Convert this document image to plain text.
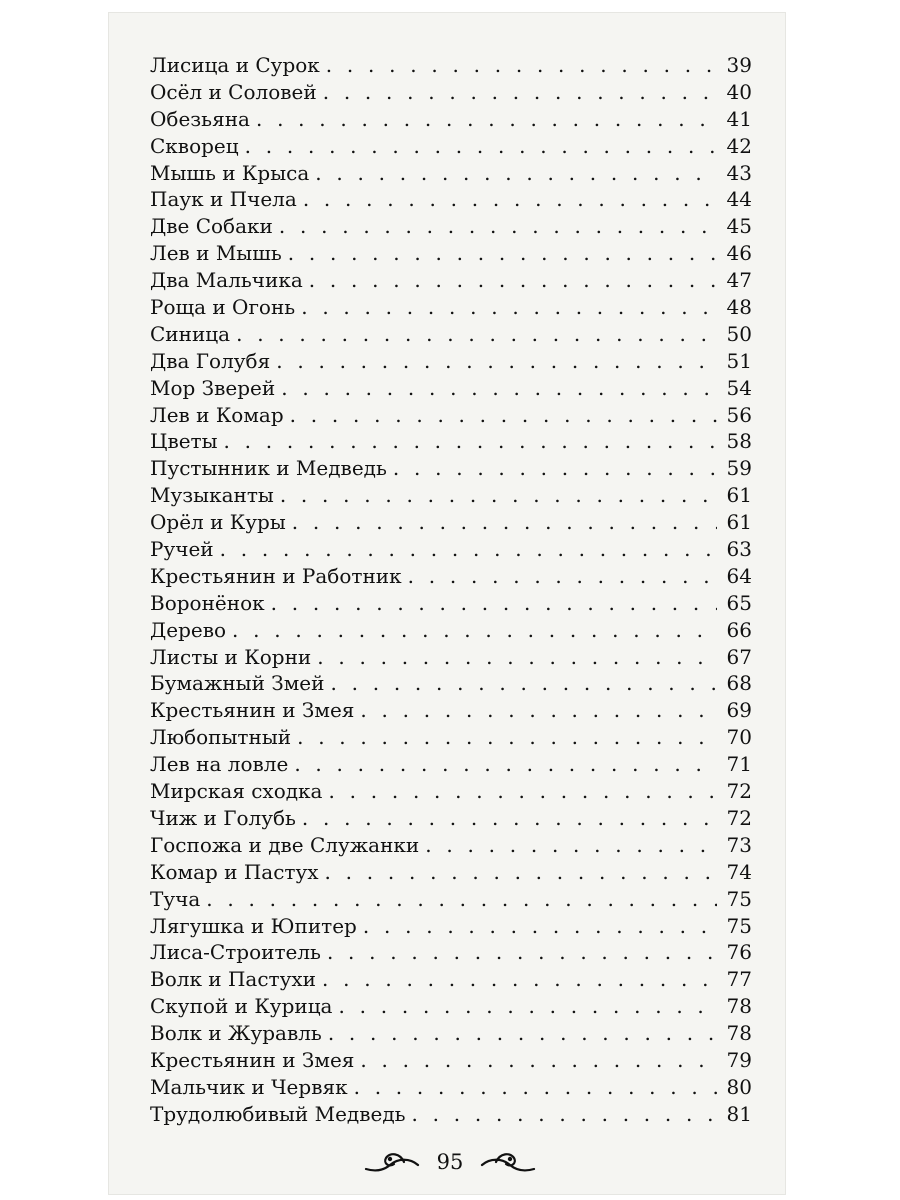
Лисица и Сурок . . .	39
Осёл и Соловей . . .	40
Обезьяна . . .	41
Скворец . . .	42
Мышь и Крыса . . .	43
Паук и Пчела . . .	44
Две Собаки . . .	45
Лев и Мышь . . .	46
Два Мальчика . . .	47
Роща и Огонь . . .	48
Синица . . .	50
Два Голубя . . .	51
Мор Зверей . . .	54
Лев и Комар . . .	56
Цветы . . .	58
Пустынник и Медведь . . .	59
Музыканты . . .	61
Орёл и Куры . . .	61
Ручей . . .	63
Крестьянин и Работник . . .	64
Воронёнок . . .	65
Дерево . . .	66
Листы и Корни . . .	67
Бумажный Змей . . .	68
Крестьянин и Змея . . .	69
Любопытный . . .	70
Лев на ловле . . .	71
Мирская сходка . . .	72
Чиж и Голубь . . .	72
Госпожа и две Служанки . . .	73
Комар и Пастух . . .	74
Туча . . .	75
Лягушка и Юпитер . . .	75
Лиса-Строитель . . .	76
Волк и Пастухи . . .	77
Скупой и Курица . . .	78
Волк и Журавль . . .	78
Крестьянин и Змея . . .	79
Мальчик и Червяк . . .	80
Трудолюбивый Медведь . . .	81
95
